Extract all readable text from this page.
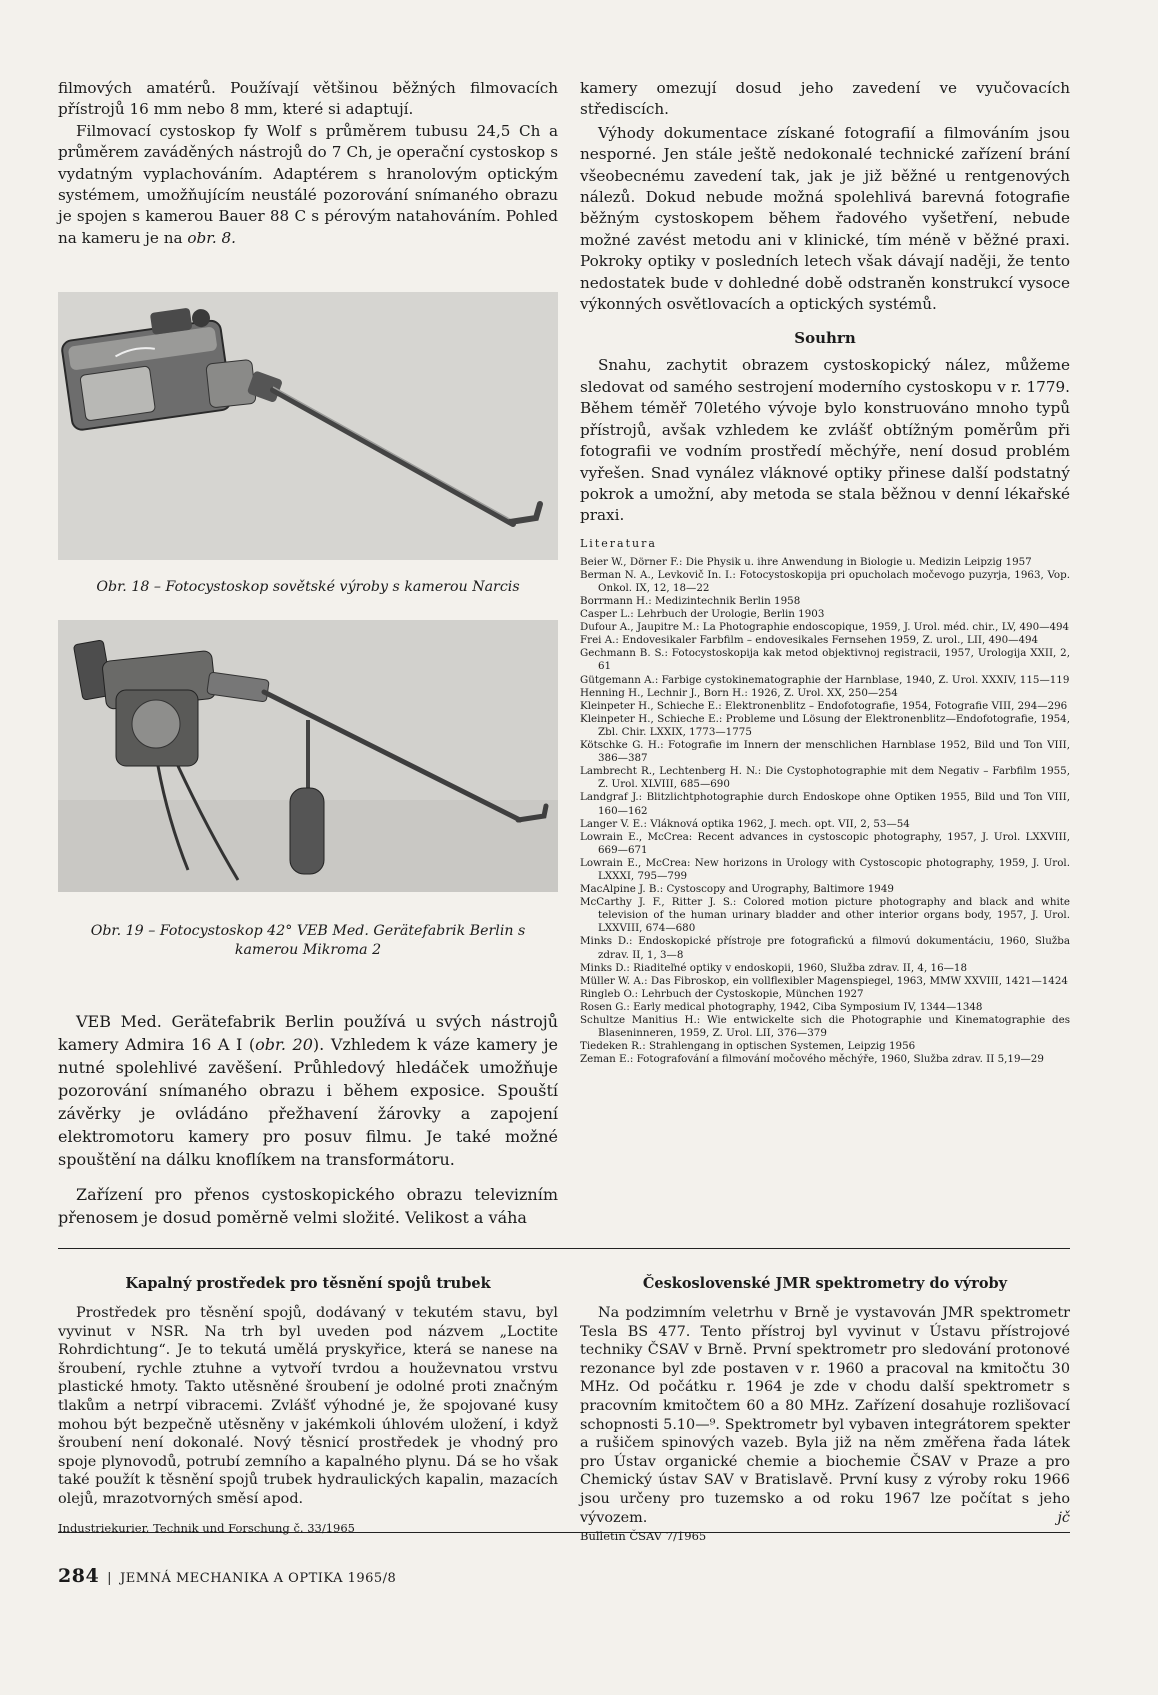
filmových amatérů. Používají většinou běžných filmovacích přístrojů 16 mm nebo 8 mm, které si adaptují.

Filmovací cystoskop fy Wolf s průměrem tubusu 24,5 Ch a průměrem zaváděných nástrojů do 7 Ch, je operační cystoskop s vydatným vyplachováním. Adaptérem s hranolovým optickým systémem, umožňujícím neustálé pozorování snímaného obrazu je spojen s kamerou Bauer 88 C s pérovým natahováním. Pohled na kameru je na obr. 8.

Obr. 18 – Fotocystoskop sovětské výroby s kamerou Narcis
Obr. 19 – Fotocystoskop 42° VEB Med. Gerätefabrik Berlin s kamerou Mikroma 2

VEB Med. Gerätefabrik Berlin používá u svých nástrojů kamery Admira 16 A I (obr. 20). Vzhledem k váze kamery je nutné spolehlivé zavěšení. Průhledový hledáček umožňuje pozorování snímaného obrazu i během exposice. Spouští závěrky je ovládáno přežhavení žárovky a zapojení elektromotoru kamery pro posuv filmu. Je také možné spouštění na dálku knoflíkem na transformátoru.

Zařízení pro přenos cystoskopického obrazu televizním přenosem je dosud poměrně velmi složité. Velikost a váha

kamery omezují dosud jeho zavedení ve vyučovacích střediscích.

Výhody dokumentace získané fotografií a filmováním jsou nesporné. Jen stále ještě nedokonalé technické zařízení brání všeobecnému zavedení tak, jak je již běžné u rentgenových nálezů. Dokud nebude možná spolehlivá barevná fotografie běžným cystoskopem během řadového vyšetření, nebude možné zavést metodu ani v klinické, tím méně v běžné praxi. Pokroky optiky v posledních letech však dávají naději, že tento nedostatek bude v dohledné době odstraněn konstrukcí vysoce výkonných osvětlovacích a optických systémů.

Souhrn

Snahu, zachytit obrazem cystoskopický nález, můžeme sledovat od samého sestrojení moderního cystoskopu v r. 1779. Během téměř 70letého vývoje bylo konstruováno mnoho typů přístrojů, avšak vzhledem ke zvlášť obtížným poměrům při fotografii ve vodním prostředí měchýře, není dosud problém vyřešen. Snad vynález vláknové optiky přinese další podstatný pokrok a umožní, aby metoda se stala běžnou v denní lékařské praxi.

Literatura

Beier W., Dörner F.: Die Physik u. ihre Anwendung in Biologie u. Medizin Leipzig 1957

Berman N. A., Levkovič In. I.: Fotocystoskopija pri opucholach močevogo puzyrja, 1963, Vop. Onkol. IX, 12, 18—22

Borrmann H.: Medizintechnik Berlin 1958

Casper L.: Lehrbuch der Urologie, Berlin 1903

Dufour A., Jaupitre M.: La Photographie endoscopique, 1959, J. Urol. méd. chir., LV, 490—494

Frei A.: Endovesikaler Farbfilm – endovesikales Fernsehen 1959, Z. urol., LII, 490—494

Gechmann B. S.: Fotocystoskopija kak metod objektivnoj registracii, 1957, Urologija XXII, 2, 61

Gütgemann A.: Farbige cystokinematographie der Harnblase, 1940, Z. Urol. XXXIV, 115—119

Henning H., Lechnir J., Born H.: 1926, Z. Urol. XX, 250—254

Kleinpeter H., Schieche E.: Elektronenblitz – Endofotografie, 1954, Fotografie VIII, 294—296

Kleinpeter H., Schieche E.: Probleme und Lösung der Elektronenblitz—Endofotografie, 1954, Zbl. Chir. LXXIX, 1773—1775

Kötschke G. H.: Fotografie im Innern der menschlichen Harnblase 1952, Bild und Ton VIII, 386—387

Lambrecht R., Lechtenberg H. N.: Die Cystophotographie mit dem Negativ – Farbfilm 1955, Z. Urol. XLVIII, 685—690

Landgraf J.: Blitzlichtphotographie durch Endoskope ohne Optiken 1955, Bild und Ton VIII, 160—162

Langer V. E.: Vláknová optika 1962, J. mech. opt. VII, 2, 53—54

Lowrain E., McCrea: Recent advances in cystoscopic photography, 1957, J. Urol. LXXVIII, 669—671

Lowrain E., McCrea: New horizons in Urology with Cystoscopic photography, 1959, J. Urol. LXXXI, 795—799

MacAlpine J. B.: Cystoscopy and Urography, Baltimore 1949

McCarthy J. F., Ritter J. S.: Colored motion picture photography and black and white television of the human urinary bladder and other interior organs body, 1957, J. Urol. LXXVIII, 674—680

Minks D.: Endoskopické přístroje pre fotografickú a filmovú dokumentáciu, 1960, Služba zdrav. II, 1, 3—8

Minks D.: Riaditeľné optiky v endoskopii, 1960, Služba zdrav. II, 4, 16—18

Müller W. A.: Das Fibroskop, ein vollflexibler Magenspiegel, 1963, MMW XXVIII, 1421—1424

Ringleb O.: Lehrbuch der Cystoskopie, München 1927

Rosen G.: Early medical photography, 1942, Ciba Symposium IV, 1344—1348

Schultze Manitius H.: Wie entwickelte sich die Photographie und Kinematographie des Blaseninneren, 1959, Z. Urol. LII, 376—379

Tiedeken R.: Strahlengang in optischen Systemen, Leipzig 1956

Zeman E.: Fotografování a filmování močového měchýře, 1960, Služba zdrav. II 5,19—29

Kapalný prostředek pro těsnění spojů trubek

Prostředek pro těsnění spojů, dodávaný v tekutém stavu, byl vyvinut v NSR. Na trh byl uveden pod názvem „Loctite Rohrdichtung“. Je to tekutá umělá pryskyřice, která se nanese na šroubení, rychle ztuhne a vytvoří tvrdou a houževnatou vrstvu plastické hmoty. Takto utěsněné šroubení je odolné proti značným tlakům a netrpí vibracemi. Zvlášť výhodné je, že spojované kusy mohou být bezpečně utěsněny v jakémkoli úhlovém uložení, i když šroubení není dokonalé. Nový těsnicí prostředek je vhodný pro spoje plynovodů, potrubí zemního a kapalného plynu. Dá se ho však také použít k těsnění spojů trubek hydraulických kapalin, mazacích olejů, mrazotvorných směsí apod.

Industriekurier, Technik und Forschung č. 33/1965
Československé JMR spektrometry do výroby

Na podzimním veletrhu v Brně je vystavován JMR spektrometr Tesla BS 477. Tento přístroj byl vyvinut v Ústavu přístrojové techniky ČSAV v Brně. První spektrometr pro sledování protonové rezonance byl zde postaven v r. 1960 a pracoval na kmitočtu 30 MHz. Od počátku r. 1964 je zde v chodu další spektrometr s pracovním kmitočtem 60 a 80 MHz. Zařízení dosahuje rozlišovací schopnosti 5.10—⁹. Spektrometr byl vybaven integrátorem spekter a rušičem spinových vazeb. Byla již na něm změřena řada látek pro Ústav organické chemie a biochemie ČSAV v Praze a pro Chemický ústav SAV v Bratislavě. První kusy z výroby roku 1966 jsou určeny pro tuzemsko a od roku 1967 lze počítat s jeho vývozem.	jč

Bulletin ČSAV 7/1965
284 | JEMNÁ MECHANIKA A OPTIKA 1965/8
